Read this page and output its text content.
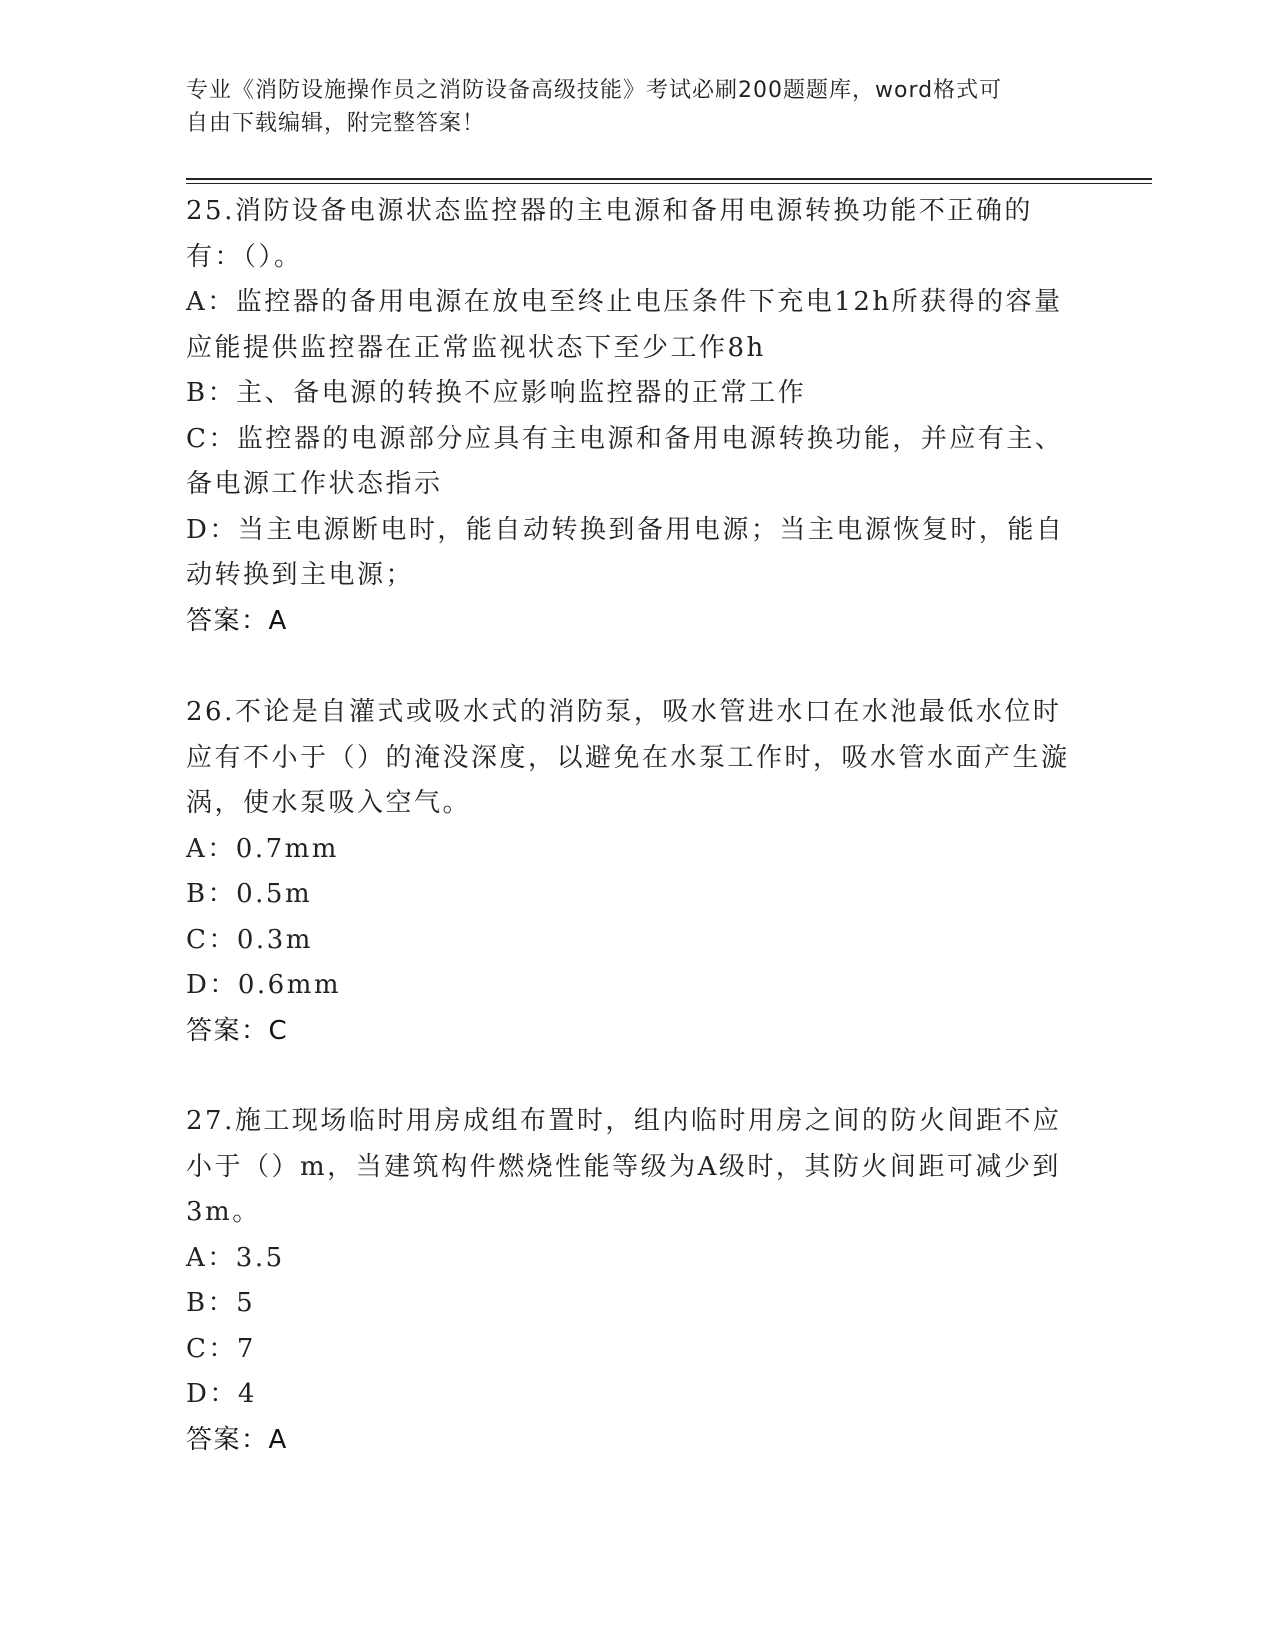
专业《消防设施操作员之消防设备高级技能》考试必刷200题题库，word格式可
自由下载编辑，附完整答案！

25.消防设备电源状态监控器的主电源和备用电源转换功能不正确的有：（）。

A：监控器的备用电源在放电至终止电压条件下充电12h所获得的容量应能提供监控器在正常监视状态下至少工作8h

B：主、备电源的转换不应影响监控器的正常工作

C：监控器的电源部分应具有主电源和备用电源转换功能，并应有主、备电源工作状态指示

D：当主电源断电时，能自动转换到备用电源；当主电源恢复时，能自动转换到主电源；

答案：A

26.不论是自灌式或吸水式的消防泵，吸水管进水口在水池最低水位时应有不小于（）的淹没深度，以避免在水泵工作时，吸水管水面产生漩涡，使水泵吸入空气。

A：0.7mm

B：0.5m

C：0.3m

D：0.6mm

答案：C

27.施工现场临时用房成组布置时，组内临时用房之间的防火间距不应小于（）m，当建筑构件燃烧性能等级为A级时，其防火间距可减少到3m。

A：3.5

B：5

C：7

D：4

答案：A
